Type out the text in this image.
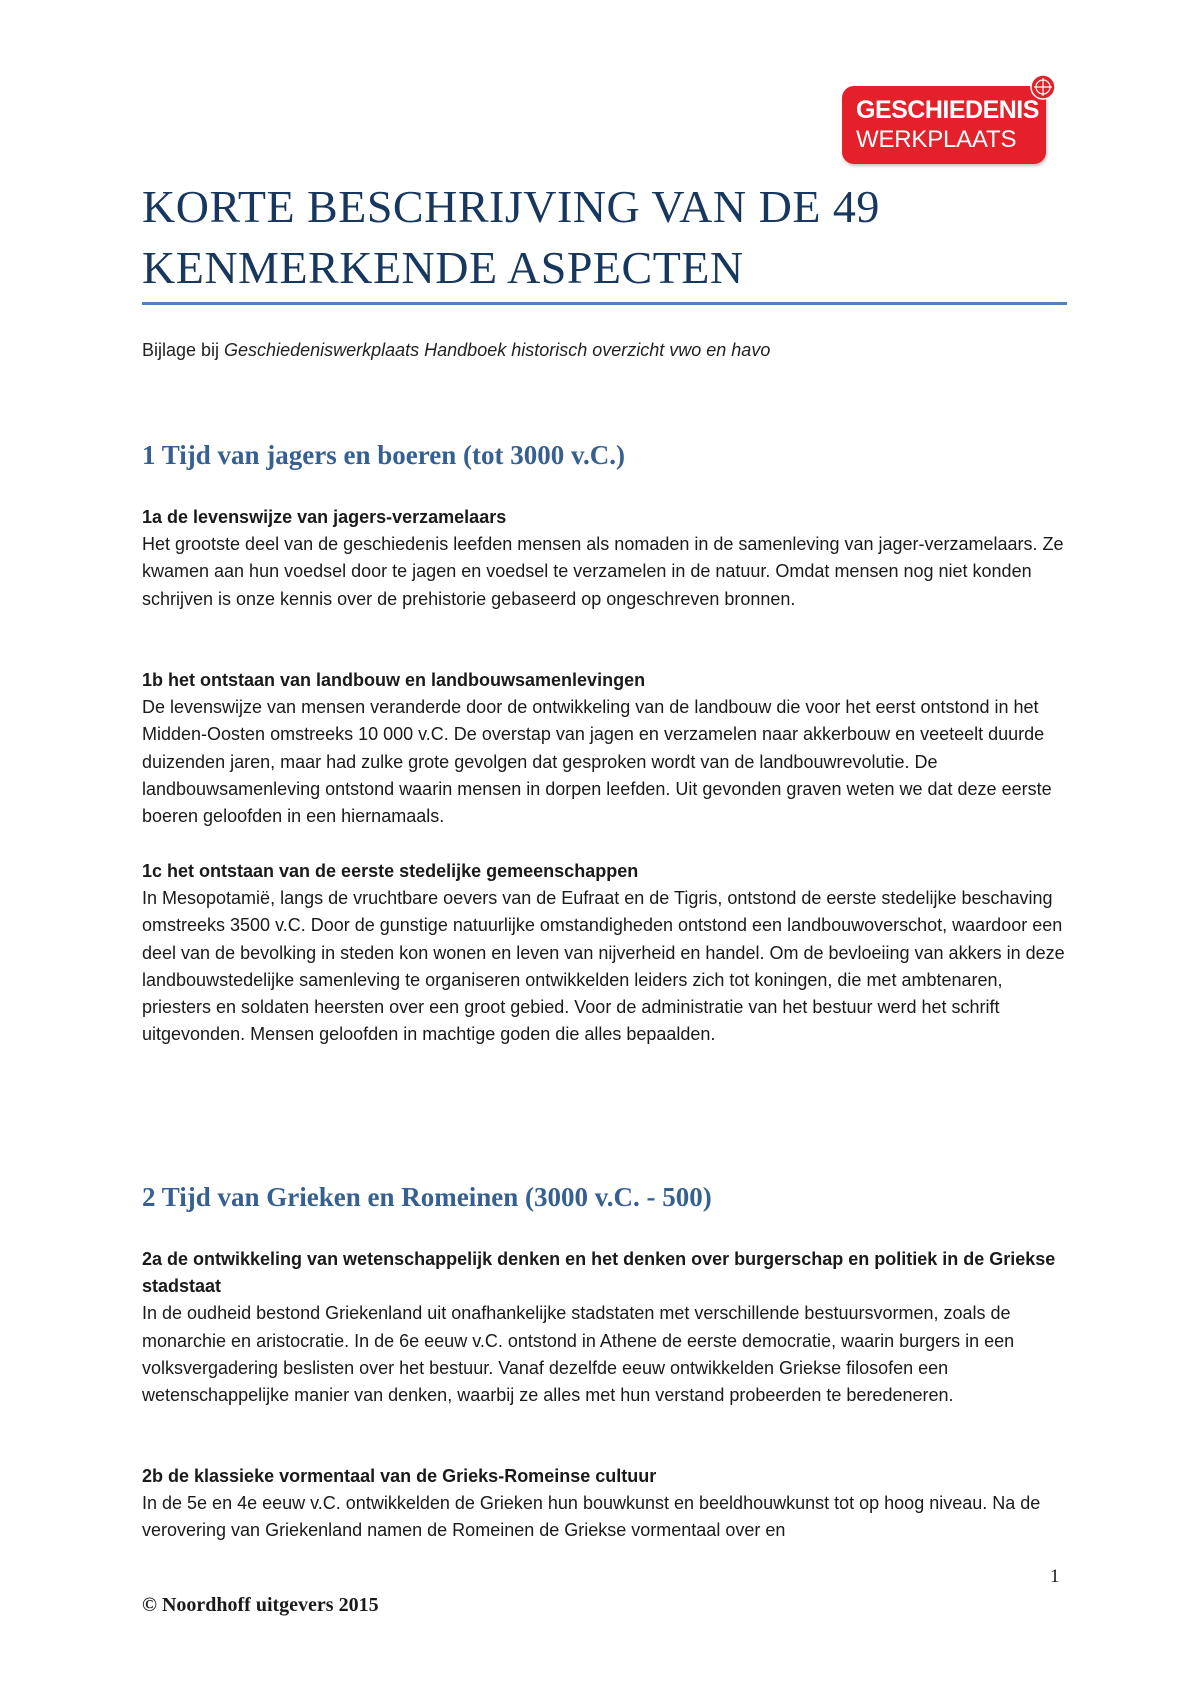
GESCHIEDENIS
WERKPLAATS
KORTE BESCHRIJVING VAN DE 49 KENMERKENDE ASPECTEN
Bijlage bij Geschiedeniswerkplaats Handboek historisch overzicht vwo en havo
1 Tijd van jagers en boeren (tot 3000 v.C.)

1a de levenswijze van jagers-verzamelaars

Het grootste deel van de geschiedenis leefden mensen als nomaden in de samenleving van jager-verzamelaars. Ze kwamen aan hun voedsel door te jagen en voedsel te verzamelen in de natuur. Omdat mensen nog niet konden schrijven is onze kennis over de prehistorie gebaseerd op ongeschreven bronnen.

1b het ontstaan van landbouw en landbouwsamenlevingen

De levenswijze van mensen veranderde door de ontwikkeling van de landbouw die voor het eerst ontstond in het Midden-Oosten omstreeks 10 000 v.C. De overstap van jagen en verzamelen naar akkerbouw en veeteelt duurde duizenden jaren, maar had zulke grote gevolgen dat gesproken wordt van de landbouwrevolutie. De landbouwsamenleving ontstond waarin mensen in dorpen leefden. Uit gevonden graven weten we dat deze eerste boeren geloofden in een hiernamaals.

1c het ontstaan van de eerste stedelijke gemeenschappen

In Mesopotamië, langs de vruchtbare oevers van de Eufraat en de Tigris, ontstond de eerste stedelijke beschaving omstreeks 3500 v.C. Door de gunstige natuurlijke omstandigheden ontstond een landbouwoverschot, waardoor een deel van de bevolking in steden kon wonen en leven van nijverheid en handel. Om de bevloeiing van akkers in deze landbouwstedelijke samenleving te organiseren ontwikkelden leiders zich tot koningen, die met ambtenaren, priesters en soldaten heersten over een groot gebied. Voor de administratie van het bestuur werd het schrift uitgevonden. Mensen geloofden in machtige goden die alles bepaalden.

2 Tijd van Grieken en Romeinen (3000 v.C. - 500)

2a de ontwikkeling van wetenschappelijk denken en het denken over burgerschap en politiek in de Griekse stadstaat

In de oudheid bestond Griekenland uit onafhankelijke stadstaten met verschillende bestuursvormen, zoals de monarchie en aristocratie. In de 6e eeuw v.C. ontstond in Athene de eerste democratie, waarin burgers in een volksvergadering beslisten over het bestuur. Vanaf dezelfde eeuw ontwikkelden Griekse filosofen een wetenschappelijke manier van denken, waarbij ze alles met hun verstand probeerden te beredeneren.

2b de klassieke vormentaal van de Grieks-Romeinse cultuur

In de 5e en 4e eeuw v.C. ontwikkelden de Grieken hun bouwkunst en beeldhouwkunst tot op hoog niveau. Na de verovering van Griekenland namen de Romeinen de Griekse vormentaal over en

1
© Noordhoff uitgevers 2015
